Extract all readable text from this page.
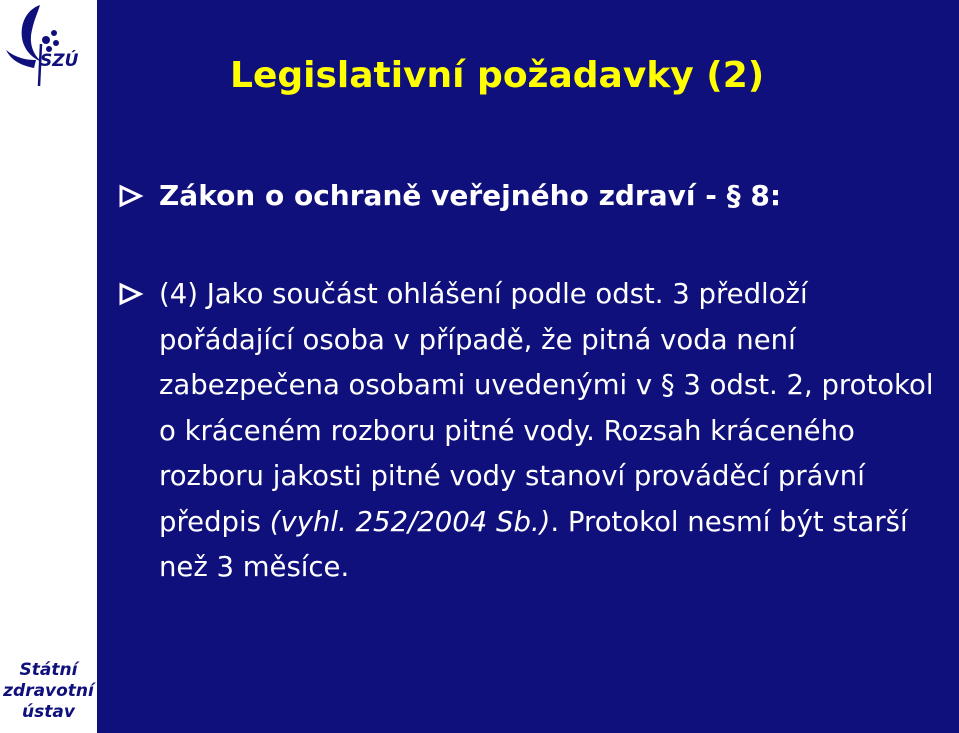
SZÚ
Státní
zdravotní
ústav
Legislativní požadavky (2)
Zákon o ochraně veřejného zdraví - § 8:
(4) Jako součást ohlášení podle odst. 3 předloží pořádající osoba v případě, že pitná voda není zabezpečena osobami uvedenými v § 3 odst. 2, protokol o kráceném rozboru pitné vody. Rozsah kráceného rozboru jakosti pitné vody stanoví prováděcí právní předpis (vyhl. 252/2004 Sb.). Protokol nesmí být starší než 3 měsíce.
